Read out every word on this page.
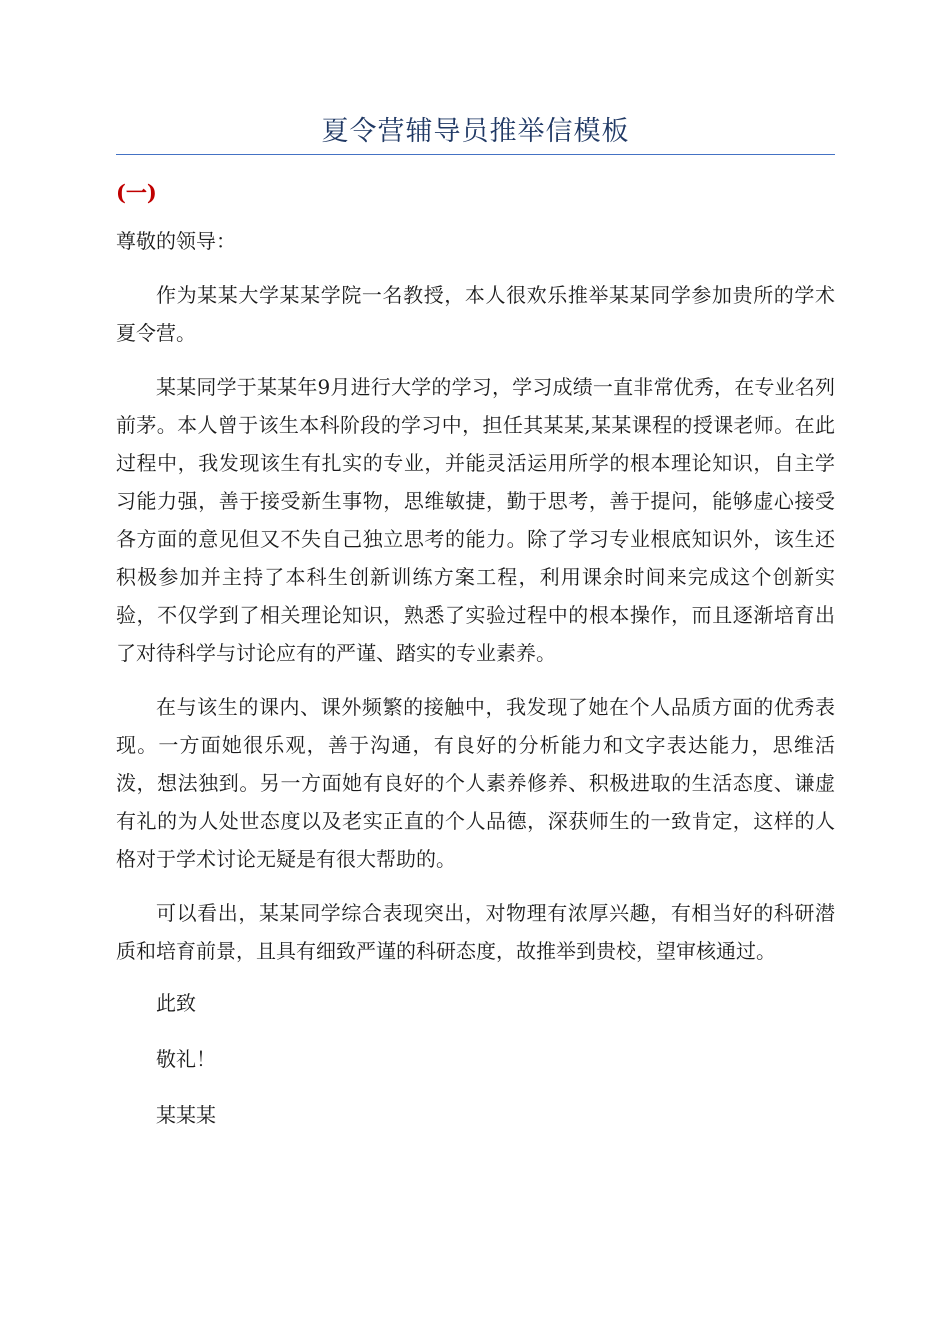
夏令营辅导员推举信模板

(一)

尊敬的领导：

作为某某大学某某学院一名教授，本人很欢乐推举某某同学参加贵所的学术夏令营。

某某同学于某某年9月进行大学的学习，学习成绩一直非常优秀，在专业名列前茅。本人曾于该生本科阶段的学习中，担任其某某,某某课程的授课老师。在此过程中，我发现该生有扎实的专业，并能灵活运用所学的根本理论知识，自主学习能力强，善于接受新生事物，思维敏捷，勤于思考，善于提问，能够虚心接受各方面的意见但又不失自己独立思考的能力。除了学习专业根底知识外，该生还积极参加并主持了本科生创新训练方案工程，利用课余时间来完成这个创新实验，不仅学到了相关理论知识，熟悉了实验过程中的根本操作，而且逐渐培育出了对待科学与讨论应有的严谨、踏实的专业素养。

在与该生的课内、课外频繁的接触中，我发现了她在个人品质方面的优秀表现。一方面她很乐观，善于沟通，有良好的分析能力和文字表达能力，思维活泼，想法独到。另一方面她有良好的个人素养修养、积极进取的生活态度、谦虚有礼的为人处世态度以及老实正直的个人品德，深获师生的一致肯定，这样的人格对于学术讨论无疑是有很大帮助的。

可以看出，某某同学综合表现突出，对物理有浓厚兴趣，有相当好的科研潜质和培育前景，且具有细致严谨的科研态度，故推举到贵校，望审核通过。

此致

敬礼！

某某某
